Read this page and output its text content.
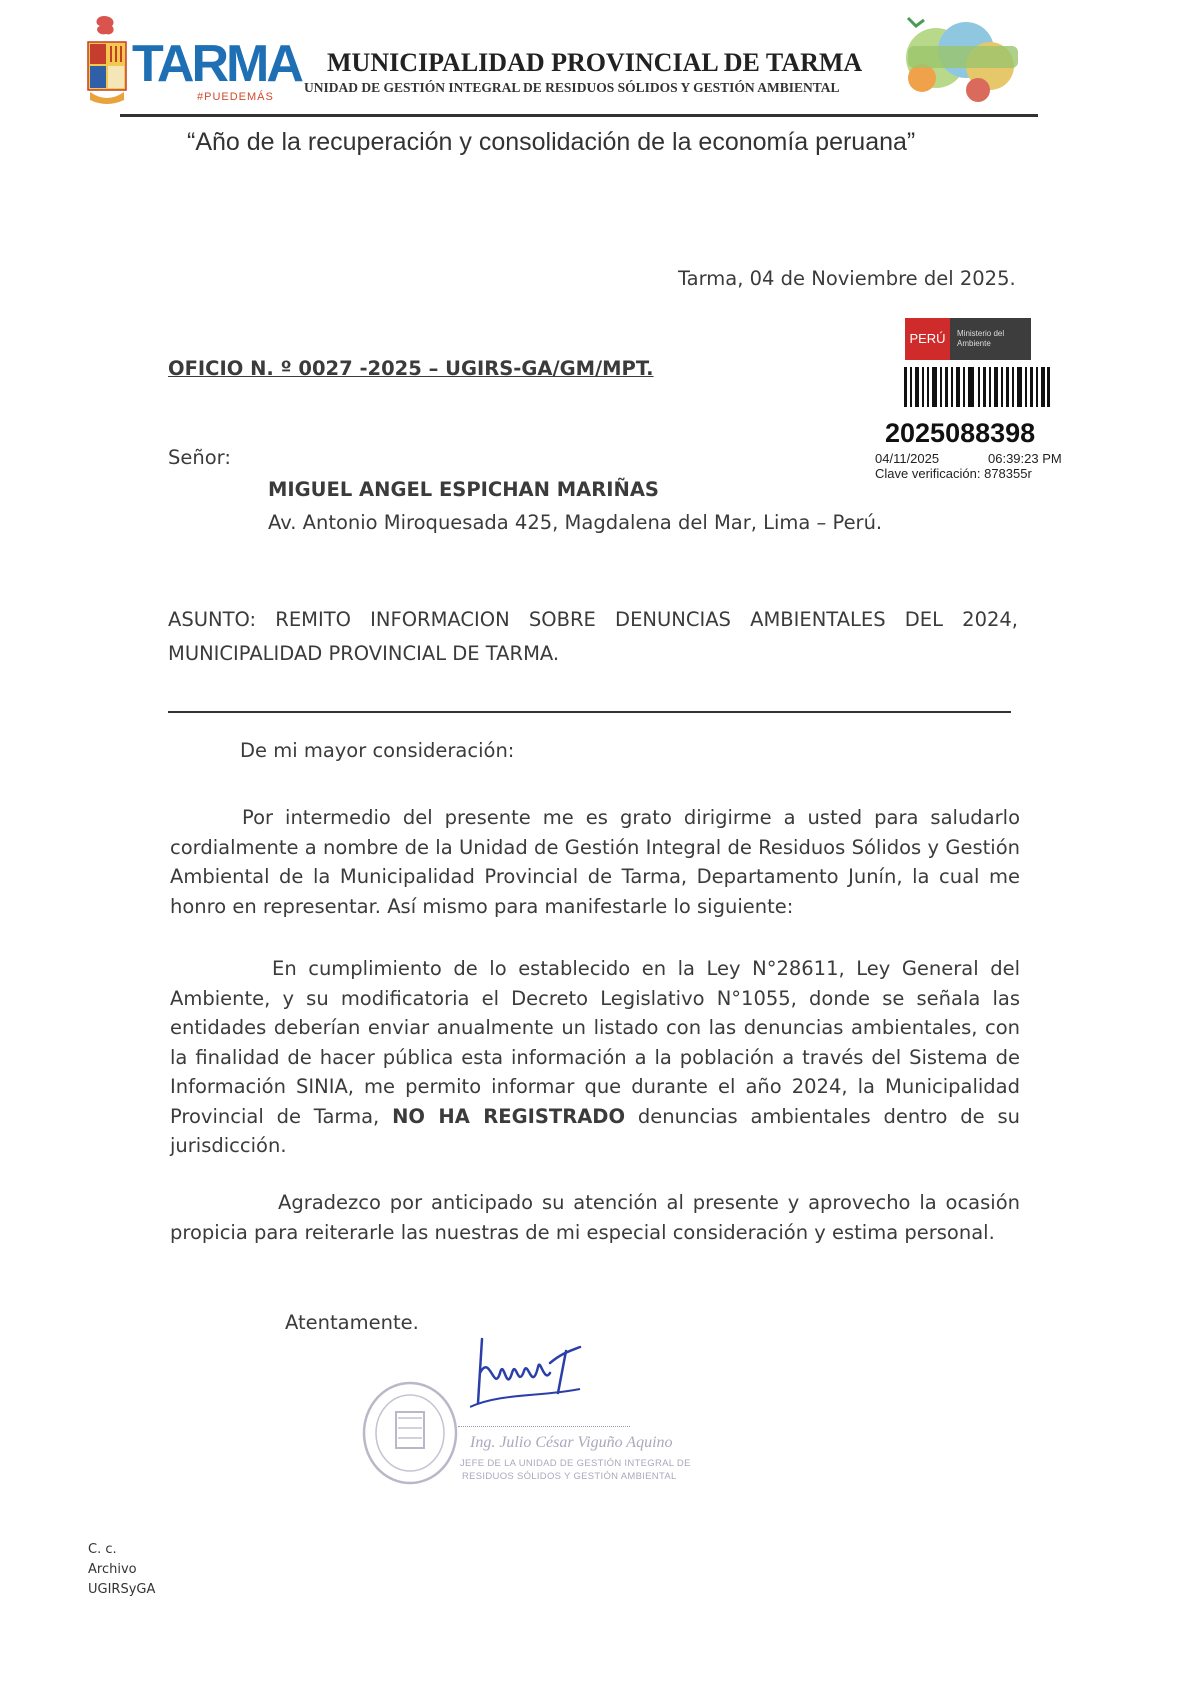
TARMA
#PUEDEMÁS
MUNICIPALIDAD PROVINCIAL DE TARMA
UNIDAD DE GESTIÓN INTEGRAL DE RESIDUOS SÓLIDOS Y GESTIÓN AMBIENTAL
“Año de la recuperación y consolidación de la economía peruana”
Tarma, 04 de Noviembre del 2025.
OFICIO N. º 0027 -2025 – UGIRS-GA/GM/MPT.
PERÚ	Ministerio del Ambiente
2025088398
04/11/2025	06:39:23 PM
Clave verificación: 878355r
Señor:
MIGUEL ANGEL ESPICHAN MARIÑAS
Av. Antonio Miroquesada 425, Magdalena del Mar, Lima – Perú.
ASUNTO: REMITO INFORMACION SOBRE DENUNCIAS AMBIENTALES DEL 2024, MUNICIPALIDAD PROVINCIAL DE TARMA.
De mi mayor consideración:
Por intermedio del presente me es grato dirigirme a usted para saludarlo cordialmente a nombre de la Unidad de Gestión Integral de Residuos Sólidos y Gestión Ambiental de la Municipalidad Provincial de Tarma, Departamento Junín, la cual me honro en representar. Así mismo para manifestarle lo siguiente:
En cumplimiento de lo establecido en la Ley N°28611, Ley General del Ambiente, y su modificatoria el Decreto Legislativo N°1055, donde se señala las entidades deberían enviar anualmente un listado con las denuncias ambientales, con la finalidad de hacer pública esta información a la población a través del Sistema de Información SINIA, me permito informar que durante el año 2024, la Municipalidad Provincial de Tarma, NO HA REGISTRADO denuncias ambientales dentro de su jurisdicción.
Agradezco por anticipado su atención al presente y aprovecho la ocasión propicia para reiterarle las nuestras de mi especial consideración y estima personal.
Atentamente.
Ing. Julio César Viguño Aquino
JEFE DE LA UNIDAD DE GESTIÓN INTEGRAL DE
RESIDUOS SÓLIDOS Y GESTIÓN AMBIENTAL
C. c.
Archivo
UGIRSyGA
